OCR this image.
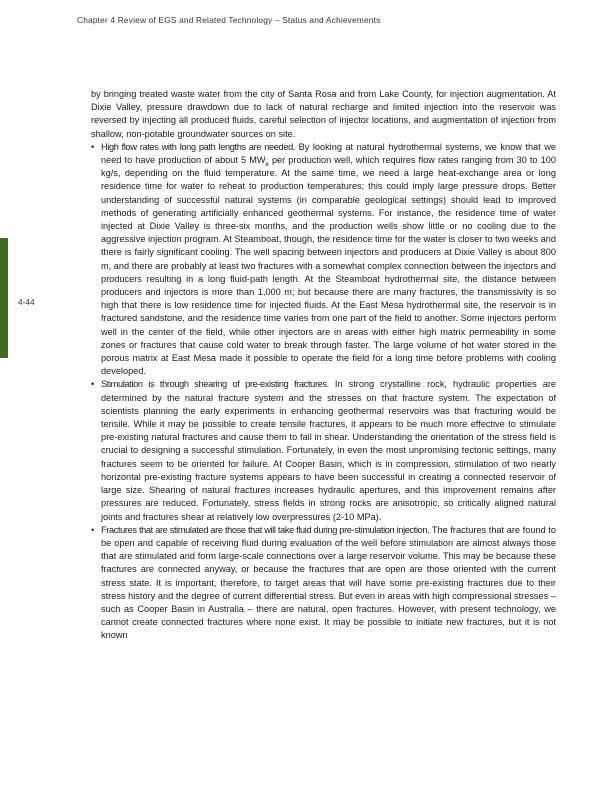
Chapter 4 Review of EGS and Related Technology – Status and Achievements
4-44

by bringing treated waste water from the city of Santa Rosa and from Lake County, for injection augmentation. At Dixie Valley, pressure drawdown due to lack of natural recharge and limited injection into the reservoir was reversed by injecting all produced fluids, careful selection of injector locations, and augmentation of injection from shallow, non-potable groundwater sources on site.

• High flow rates with long path lengths are needed. By looking at natural hydrothermal systems, we know that we need to have production of about 5 $MW_e$ per production well, which requires flow rates ranging from 30 to 100 kg/s, depending on the fluid temperature. At the same time, we need a large heat-exchange area or long residence time for water to reheat to production temperatures; this could imply large pressure drops. Better understanding of successful natural systems (in comparable geological settings) should lead to improved methods of generating artificially enhanced geothermal systems. For instance, the residence time of water injected at Dixie Valley is three-six months, and the production wells show little or no cooling due to the aggressive injection program. At Steamboat, though, the residence time for the water is closer to two weeks and there is fairly significant cooling. The well spacing between injectors and producers at Dixie Valley is about 800 m, and there are probably at least two fractures with a somewhat complex connection between the injectors and producers resulting in a long fluid-path length. At the Steamboat hydrothermal site, the distance between producers and injectors is more than 1,000 m; but because there are many fractures, the transmissivity is so high that there is low residence time for injected fluids. At the East Mesa hydrothermal site, the reservoir is in fractured sandstone, and the residence time varies from one part of the field to another. Some injectors perform well in the center of the field, while other injectors are in areas with either high matrix permeability in some zones or fractures that cause cold water to break through faster. The large volume of hot water stored in the porous matrix at East Mesa made it possible to operate the field for a long time before problems with cooling developed.

• Stimulation is through shearing of pre-existing fractures. In strong crystalline rock, hydraulic properties are determined by the natural fracture system and the stresses on that fracture system. The expectation of scientists planning the early experiments in enhancing geothermal reservoirs was that fracturing would be tensile. While it may be possible to create tensile fractures, it appears to be much more effective to stimulate pre-existing natural fractures and cause them to fail in shear. Understanding the orientation of the stress field is crucial to designing a successful stimulation. Fortunately, in even the most unpromising tectonic settings, many fractures seem to be oriented for failure. At Cooper Basin, which is in compression, stimulation of two nearly horizontal pre-existing fracture systems appears to have been successful in creating a connected reservoir of large size. Shearing of natural fractures increases hydraulic apertures, and this improvement remains after pressures are reduced. Fortunately, stress fields in strong rocks are anisotropic, so critically aligned natural joints and fractures shear at relatively low overpressures (2-10 MPa).

• Fractures that are stimulated are those that will take fluid during pre-stimulation injection. The fractures that are found to be open and capable of receiving fluid during evaluation of the well before stimulation are almost always those that are stimulated and form large-scale connections over a large reservoir volume. This may be because these fractures are connected anyway, or because the fractures that are open are those oriented with the current stress state. It is important, therefore, to target areas that will have some pre-existing fractures due to their stress history and the degree of current differential stress. But even in areas with high compressional stresses – such as Cooper Basin in Australia – there are natural, open fractures. However, with present technology, we cannot create connected fractures where none exist. It may be possible to initiate new fractures, but it is not known
